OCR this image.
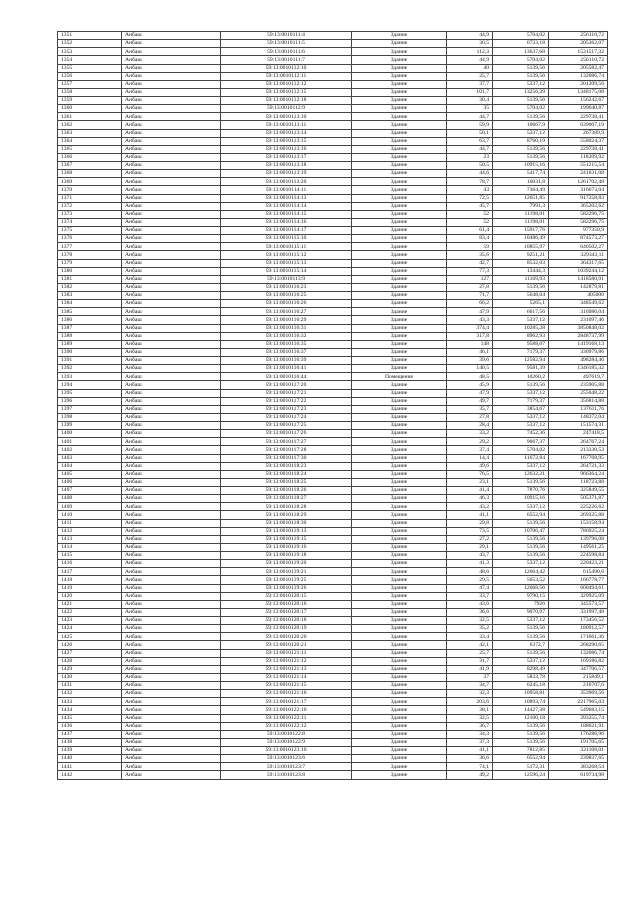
1351	Анбаш	59:13:0010111:4	Здание	44,9	5704,02	256110,72
1352	Анбаш	59:13:0010111:5	Здание	30,5	6733,18	205362,07
1353	Анбаш	59:13:0010111:6	Здание	112,3	13637,68	1531517,32
1354	Анбаш	59:13:0010111:7	Здание	44,9	5704,02	256110,72
1355	Анбаш	59:13:0010112:10	Здание	40	5139,56	205582,47
1356	Анбаш	59:13:0010112:11	Здание	25,7	5139,56	132086,74
1357	Анбаш	59:13:0010112:12	Здание	37,7	5337,12	201209,56
1358	Анбаш	59:13:0010112:15	Здание	101,7	13256,39	1348175,08
1359	Анбаш	59:13:0010112:18	Здание	30,4	5139,56	156242,67
1360	Анбаш	59:13:0010112:9	Здание	35	5704,02	199640,87
1361	Анбаш	59:13:0010113:10	Здание	44,7	5139,56	229738,41
1362	Анбаш	59:13:0010113:11	Здание	59,9	10667,9	639007,19
1363	Анбаш	59:13:0010113:14	Здание	50,1	5337,12	267389,9
1364	Анбаш	59:13:0010113:15	Здание	63,7	8760,19	558024,37
1365	Анбаш	59:13:0010113:16	Здание	44,7	5139,56	229738,41
1366	Анбаш	59:13:0010113:17	Здание	23	5139,56	118209,92
1367	Анбаш	59:13:0010113:18	Здание	50,5	10915,16	551215,54
1368	Анбаш	59:13:0010113:19	Здание	44,6	5417,74	241631,08
1369	Анбаш	59:13:0010113:20	Здание	78,7	16031,8	1261702,48
1370	Анбаш	59:13:0010114:11	Здание	43	7364,49	316673,04
1371	Анбаш	59:13:0010114:13	Здание	72,5	12651,85	917258,83
1372	Анбаш	59:13:0010114:14	Здание	45,7	7991,3	365202,62
1373	Анбаш	59:13:0010114:15	Здание	52	11198,01	582296,75
1374	Анбаш	59:13:0010114:16	Здание	52	11198,01	582296,75
1375	Анбаш	59:13:0010114:17	Здание	61,4	15917,76	977350,9
1376	Анбаш	59:13:0010115:10	Здание	83,4	10486,49	874573,27
1377	Анбаш	59:13:0010115:11	Здание	59	10855,97	640502,27
1378	Анбаш	59:13:0010115:12	Здание	35,6	9251,21	329343,11
1379	Анбаш	59:13:0010115:13	Здание	42,7	8532,03	364317,65
1380	Анбаш	59:13:0010115:14	Здание	77,3	13444,3	1039244,12
1381	Анбаш	59:13:0010113:9	Здание	127	11169,93	1418580,91
1382	Анбаш	59:13:0010116:23	Здание	27,8	5139,56	142879,81
1383	Анбаш	59:13:0010116:25	Здание	71,7	5648,04	405000
1384	Анбаш	59:13:0010116:26	Здание	66,2	5265,1	348549,62
1385	Анбаш	59:13:0010116:27	Здание	47,9	6617,56	316986,04
1386	Анбаш	59:13:0010116:29	Здание	43,3	5337,12	231097,46
1387	Анбаш	59:13:0010116:31	Здание	374,4	10285,28	3850848,02
1388	Анбаш	59:13:0010116:32	Здание	317,8	8962,93	2848737,99
1389	Анбаш	59:13:0010116:35	Здание	148	9588,07	1419168,13
1390	Анбаш	59:13:0010116:37	Здание	46,1	7179,37	330979,86
1391	Анбаш	59:13:0010116:39	Здание	39,6	12582,94	498284,46
1392	Анбаш	59:13:0010116:41	Здание	140,5	9581,39	1346185,32
1393	Анбаш	59:13:0010116:44	Помещение	48,5	10260,2	497619,7
1394	Анбаш	59:13:0010117:20	Здание	45,9	5139,56	235905,88
1395	Анбаш	59:13:0010117:21	Здание	47,9	5337,12	255648,22
1396	Анбаш	59:13:0010117:22	Здание	49,7	7179,37	356814,88
1397	Анбаш	59:13:0010117:23	Здание	35,7	3854,67	137611,76
1398	Анбаш	59:13:0010117:24	Здание	27,8	5337,12	148372,04
1399	Анбаш	59:13:0010117:25	Здание	28,4	5337,12	151574,31
1400	Анбаш	59:13:0010117:26	Здание	33,2	7452,36	247418,5
1401	Анбаш	59:13:0010117:27	Здание	29,2	9067,37	264767,24
1402	Анбаш	59:13:0010117:28	Здание	37,4	5704,02	213330,53
1403	Анбаш	59:13:0010117:30	Здание	14,4	11672,84	167768,95
1404	Анбаш	59:13:0010118:23	Здание	49,6	5337,12	264721,33
1405	Анбаш	59:13:0010118:24	Здание	76,5	12632,21	966364,24
1406	Анбаш	59:13:0010118:25	Здание	23,1	5139,56	118723,88
1407	Анбаш	59:13:0010118:26	Здание	41,4	7870,76	325849,55
1408	Анбаш	59:13:0010118:27	Здание	46,3	10915,16	505371,87
1409	Анбаш	59:13:0010118:28	Здание	43,2	5337,12	225226,62
1410	Анбаш	59:13:0010118:29	Здание	41,1	6552,94	269325,88
1411	Анбаш	59:13:0010118:30	Здание	29,8	5139,56	153158,94
1412	Анбаш	59:13:0010119:13	Здание	73,5	10706,47	786925,24
1413	Анбаш	59:13:0010119:15	Здание	27,2	5139,56	139796,08
1414	Анбаш	59:13:0010119:16	Здание	29,1	5139,56	149561,25
1415	Анбаш	59:13:0010119:18	Здание	43,7	5139,56	224598,84
1416	Анбаш	59:13:0010119:20	Здание	41,3	5337,12	220423,21
1417	Анбаш	59:13:0010119:21	Здание	48,6	12664,42	615490,6
1418	Анбаш	59:13:0010119:25	Здание	29,5	5653,52	166778,77
1419	Анбаш	59:13:0010119:26	Здание	47,4	12668,56	600494,61
1420	Анбаш	59:13:0010120:15	Здание	33,7	9790,15	329925,09
1421	Анбаш	59:13:0010120:16	Здание	43,6	7926	345573,57
1422	Анбаш	59:13:0010120:17	Здание	36,6	9070,97	331997,48
1423	Анбаш	59:13:0010120:18	Здание	32,5	5337,12	173456,52
1424	Анбаш	59:13:0010120:19	Здание	35,2	5139,56	180912,57
1425	Анбаш	59:13:0010120:20	Здание	33,4	5139,56	171661,36
1426	Анбаш	59:13:0010120:21	Здание	42,1	6372,7	268290,65
1427	Анбаш	59:13:0010121:11	Здание	25,7	5139,56	132086,74
1428	Анбаш	59:13:0010121:12	Здание	31,7	5337,12	169186,82
1429	Анбаш	59:13:0010121:13	Здание	41,9	8298,49	347706,57
1430	Анбаш	59:13:0010121:14	Здание	37	5833,78	215849,1
1431	Анбаш	59:13:0010121:15	Здание	34,7	6245,18	216707,6
1432	Анбаш	59:13:0010121:16	Здание	32,3	10958,81	353969,56
1433	Анбаш	59:13:0010121:17	Здание	203,6	10893,74	2217965,03
1434	Анбаш	59:13:0010122:10	Здание	38,1	14427,38	549683,15
1435	Анбаш	59:13:0010122:11	Здание	32,5	12100,18	393255,74
1436	Анбаш	59:13:0010122:12	Здание	36,7	5139,56	188621,91
1437	Анбаш	59:13:0010122:8	Здание	34,3	5139,56	176286,96
1438	Анбаш	59:13:0010122:9	Здание	37,3	5139,56	191705,65
1439	Анбаш	59:13:0010123:10	Здание	41,1	7812,85	321108,01
1440	Анбаш	59:13:0010123:6	Здание	36,6	6552,94	239837,65
1441	Анбаш	59:13:0010123:7	Здание	74,1	5172,31	383268,54
1442	Анбаш	59:13:0010123:8	Здание	49,2	12596,24	619734,98
